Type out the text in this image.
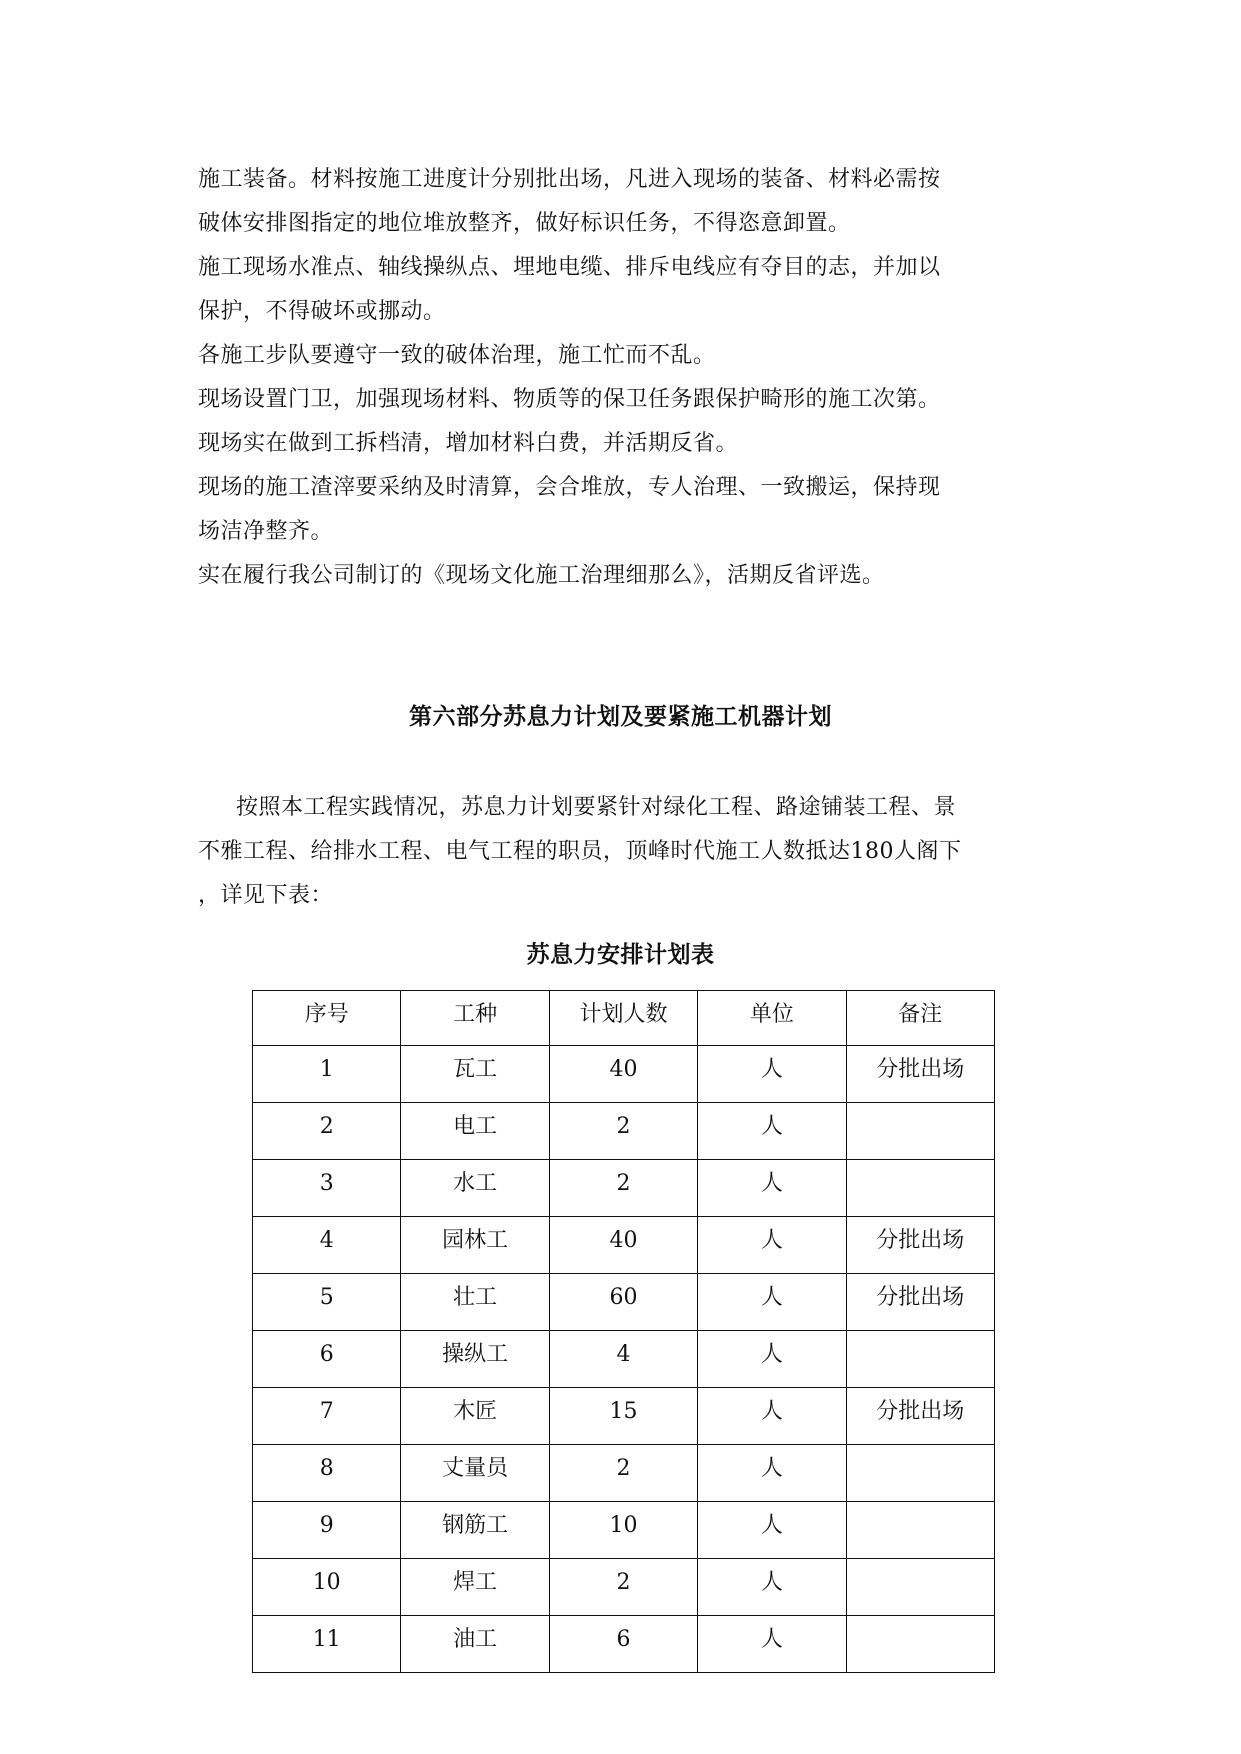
施工装备。材料按施工进度计分别批出场，凡进入现场的装备、材料必需按
破体安排图指定的地位堆放整齐，做好标识任务，不得恣意卸置。
施工现场水准点、轴线操纵点、埋地电缆、排斥电线应有夺目的志，并加以
保护，不得破坏或挪动。
各施工步队要遵守一致的破体治理，施工忙而不乱。
现场设置门卫，加强现场材料、物质等的保卫任务跟保护畸形的施工次第。
现场实在做到工拆档清，增加材料白费，并活期反省。
现场的施工渣滓要采纳及时清算，会合堆放，专人治理、一致搬运，保持现
场洁净整齐。
实在履行我公司制订的《现场文化施工治理细那么》，活期反省评选。
第六部分苏息力计划及要紧施工机器计划
按照本工程实践情况，苏息力计划要紧针对绿化工程、路途铺装工程、景
不雅工程、给排水工程、电气工程的职员，顶峰时代施工人数抵达180人阁下
，详见下表：
苏息力安排计划表
序号	工种	计划人数	单位	备注
1	瓦工	40	人	分批出场
2	电工	2	人	
3	水工	2	人	
4	园林工	40	人	分批出场
5	壮工	60	人	分批出场
6	操纵工	4	人	
7	木匠	15	人	分批出场
8	丈量员	2	人	
9	钢筋工	10	人	
10	焊工	2	人	
11	油工	6	人	
